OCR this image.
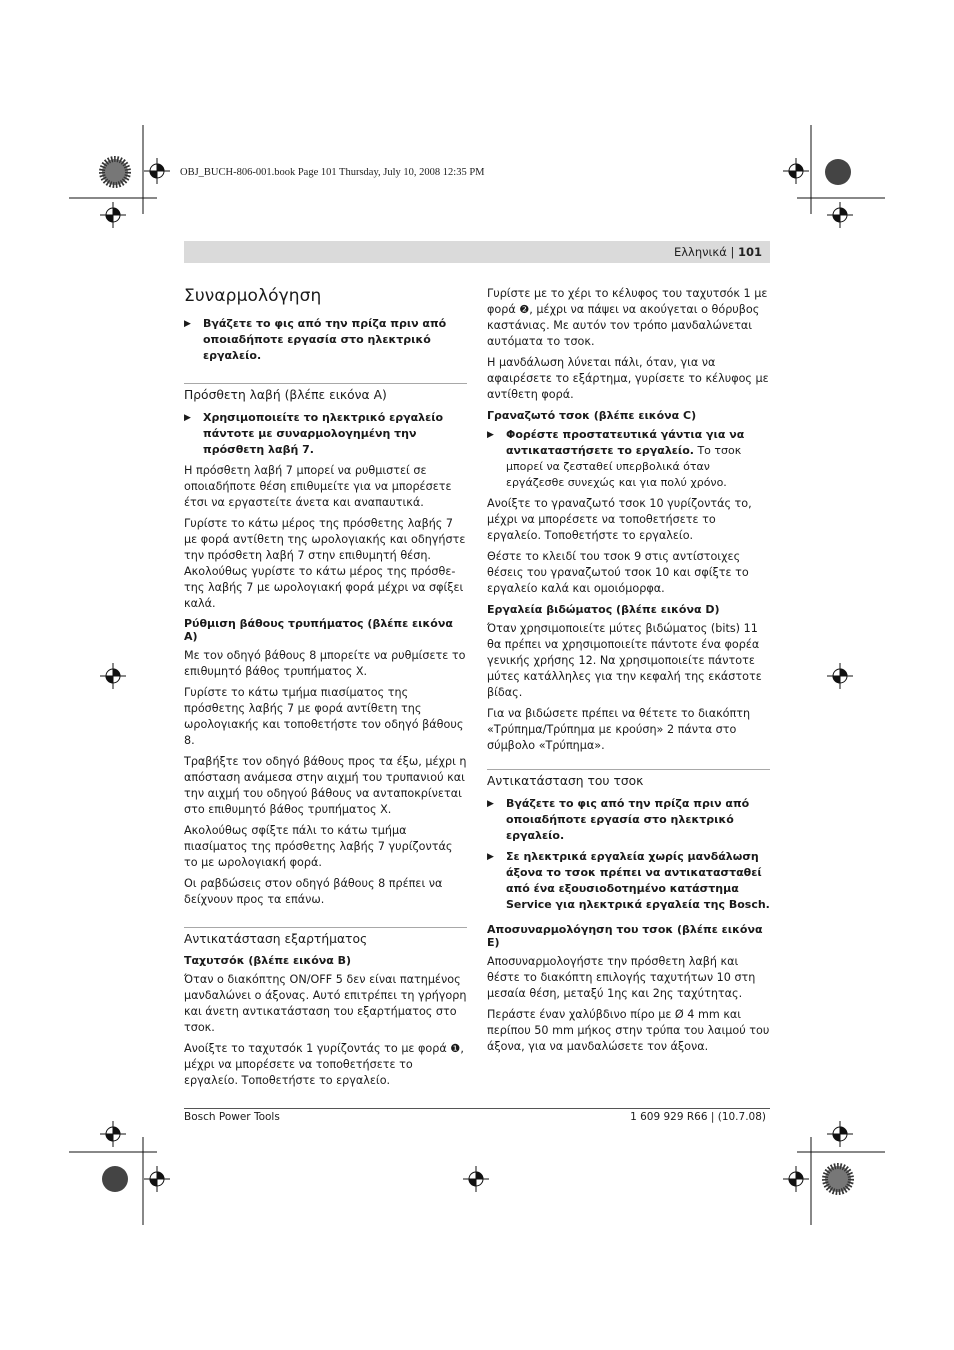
OBJ_BUCH-806-001.book Page 101 Thursday, July 10, 2008 12:35 PM
Ελληνικά | 101
Συναρμολόγηση
▶ Βγάζετε το φις από την πρίζα πριν από οποιαδήποτε εργασία στο ηλεκτρικό εργαλείο.
Πρόσθετη λαβή (βλέπε εικόνα A)
▶ Χρησιμοποιείτε το ηλεκτρικό εργαλείο πάντοτε με συναρμολογημένη την πρόσθετη λαβή 7.

Η πρόσθετη λαβή 7 μπορεί να ρυθμιστεί σε οποιαδήποτε θέση επιθυμείτε για να μπορέσετε έτσι να εργαστείτε άνετα και αναπαυτικά.

Γυρίστε το κάτω μέρος της πρόσθετης λαβής 7 με φορά αντίθετη της ωρολογιακής και οδηγήστε την πρόσθετη λαβή 7 στην επιθυμητή θέση. Ακολούθως γυρίστε το κάτω μέρος της πρόσθε-της λαβής 7 με ωρολογιακή φορά μέχρι να σφίξει καλά.

Ρύθμιση βάθους τρυπήματος (βλέπε εικόνα A)

Με τον οδηγό βάθους 8 μπορείτε να ρυθμίσετε το επιθυμητό βάθος τρυπήματος X.

Γυρίστε το κάτω τμήμα πιασίματος της πρόσθετης λαβής 7 με φορά αντίθετη της ωρολογιακής και τοποθετήστε τον οδηγό βάθους 8.

Τραβήξτε τον οδηγό βάθους προς τα έξω, μέχρι η απόσταση ανάμεσα στην αιχμή του τρυπανιού και την αιχμή του οδηγού βάθους να ανταποκρίνεται στο επιθυμητό βάθος τρυπήματος X.

Ακολούθως σφίξτε πάλι το κάτω τμήμα πιασίματος της πρόσθετης λαβής 7 γυρίζοντάς το με ωρολογιακή φορά.

Οι ραβδώσεις στον οδηγό βάθους 8 πρέπει να δείχνουν προς τα επάνω.

Αντικατάσταση εξαρτήματος
Ταχυτσόκ (βλέπε εικόνα B)

Όταν ο διακόπτης ON/OFF 5 δεν είναι πατημένος μανδαλώνει ο άξονας. Αυτό επιτρέπει τη γρήγορη και άνετη αντικατάσταση του εξαρτήματος στο τσοκ.

Ανοίξτε το ταχυτσόκ 1 γυρίζοντάς το με φορά ❶, μέχρι να μπορέσετε να τοποθετήσετε το εργαλείο. Τοποθετήστε το εργαλείο.

Γυρίστε με το χέρι το κέλυφος του ταχυτσόκ 1 με φορά ❷, μέχρι να πάψει να ακούγεται ο θόρυβος καστάνιας. Με αυτόν τον τρόπο μανδαλώνεται αυτόματα το τσοκ.

Η μανδάλωση λύνεται πάλι, όταν, για να αφαιρέσετε το εξάρτημα, γυρίσετε το κέλυφος με αντίθετη φορά.

Γραναζωτό τσοκ (βλέπε εικόνα C)
▶ Φορέστε προστατευτικά γάντια για να αντικαταστήσετε το εργαλείο. Το τσοκ μπορεί να ζεσταθεί υπερβολικά όταν εργάζεσθε συνεχώς και για πολύ χρόνο.

Ανοίξτε το γραναζωτό τσοκ 10 γυρίζοντάς το, μέχρι να μπορέσετε να τοποθετήσετε το εργαλείο. Τοποθετήστε το εργαλείο.

Θέστε το κλειδί του τσοκ 9 στις αντίστοιχες θέσεις του γραναζωτού τσοκ 10 και σφίξτε το εργαλείο καλά και ομοιόμορφα.

Εργαλεία βιδώματος (βλέπε εικόνα D)

Όταν χρησιμοποιείτε μύτες βιδώματος (bits) 11 θα πρέπει να χρησιμοποιείτε πάντοτε ένα φορέα γενικής χρήσης 12. Να χρησιμοποιείτε πάντοτε μύτες κατάλληλες για την κεφαλή της εκάστοτε βίδας.

Για να βιδώσετε πρέπει να θέτετε το διακόπτη «Τρύπημα/Τρύπημα με κρούση» 2 πάντα στο σύμβολο «Τρύπημα».

Αντικατάσταση του τσοκ
▶ Βγάζετε το φις από την πρίζα πριν από οποιαδήποτε εργασία στο ηλεκτρικό εργαλείο.
▶ Σε ηλεκτρικά εργαλεία χωρίς μανδάλωση άξονα το τσοκ πρέπει να αντικατασταθεί από ένα εξουσιοδοτημένο κατάστημα Service για ηλεκτρικά εργαλεία της Bosch.
Αποσυναρμολόγηση του τσοκ (βλέπε εικόνα E)

Αποσυναρμολογήστε την πρόσθετη λαβή και θέστε το διακόπτη επιλογής ταχυτήτων 10 στη μεσαία θέση, μεταξύ 1ης και 2ης ταχύτητας.

Περάστε έναν χαλύβδινο πίρο με Ø 4 mm και περίπου 50 mm μήκος στην τρύπα του λαιμού του άξονα, για να μανδαλώσετε τον άξονα.

Bosch Power Tools	1 609 929 R66 | (10.7.08)
